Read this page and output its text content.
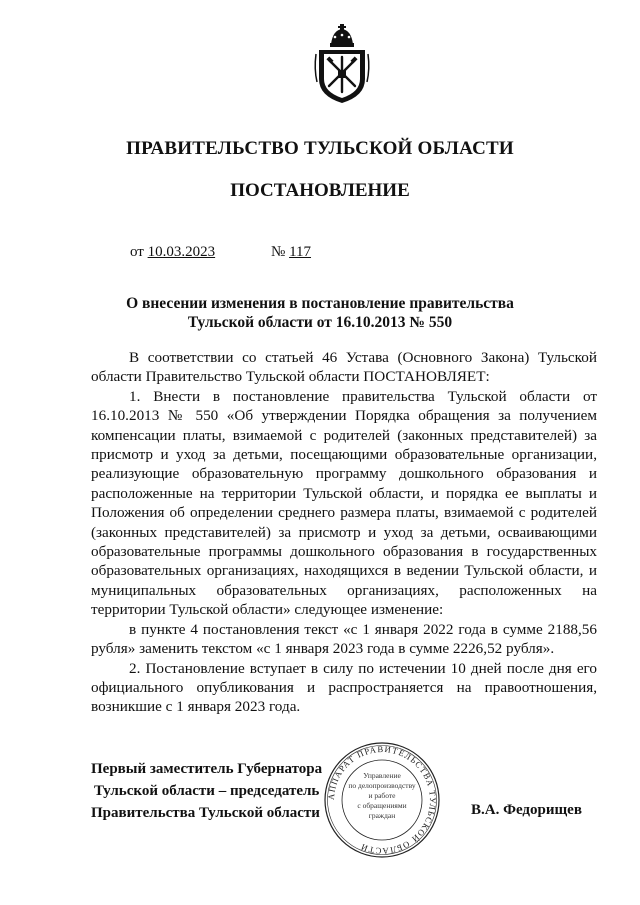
ПРАВИТЕЛЬСТВО ТУЛЬСКОЙ ОБЛАСТИ
ПОСТАНОВЛЕНИЕ
от 10.03.2023	№ 117
О внесении изменения в постановление правительства
Тульской области от 16.10.2013 № 550

В соответствии со статьей 46 Устава (Основного Закона) Тульской области Правительство Тульской области ПОСТАНОВЛЯЕТ:

1. Внести в постановление правительства Тульской области от 16.10.2013 № 550 «Об утверждении Порядка обращения за получением компенсации платы, взимаемой с родителей (законных представителей) за присмотр и уход за детьми, посещающими образовательные организации, реализующие образовательную программу дошкольного образования и расположенные на территории Тульской области, и порядка ее выплаты и Положения об определении среднего размера платы, взимаемой с родителей (законных представителей) за присмотр и уход за детьми, осваивающими образовательные программы дошкольного образования в государственных образовательных организациях, находящихся в ведении Тульской области, и муниципальных образовательных организациях, расположенных на территории Тульской области» следующее изменение:

в пункте 4 постановления текст «с 1 января 2022 года в сумме 2188,56 рубля» заменить текстом «с 1 января 2023 года в сумме 2226,52 рубля».

2. Постановление вступает в силу по истечении 10 дней после дня его официального опубликования и распространяется на правоотношения, возникшие с 1 января 2023 года.

АППАРАТ ПРАВИТЕЛЬСТВА ТУЛЬСКОЙ ОБЛАСТИ
Управление
по делопроизводству
и работе
с обращениями
граждан
Первый заместитель Губернатора
Тульской области – председатель
Правительства Тульской области	В.А. Федорищев
